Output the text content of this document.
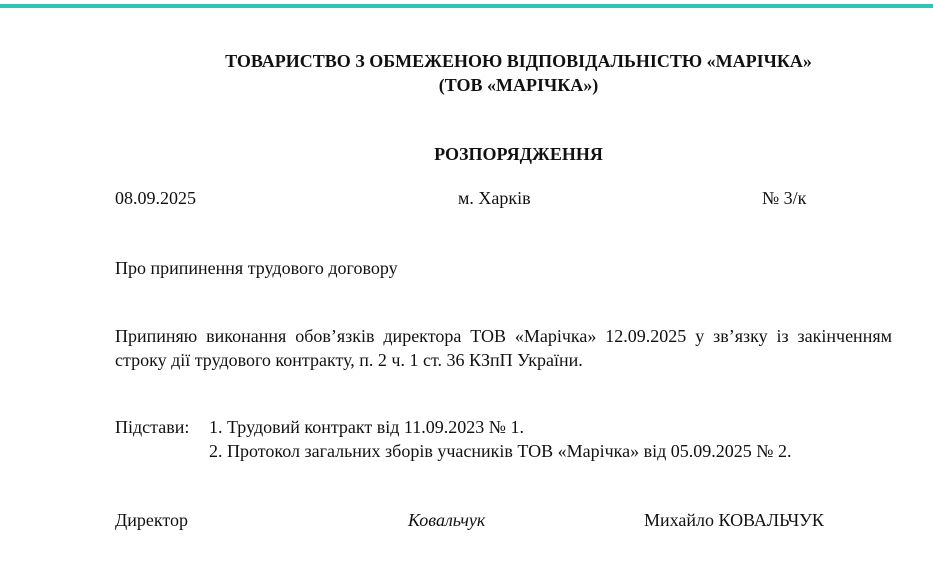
ТОВАРИСТВО З ОБМЕЖЕНОЮ ВІДПОВІДАЛЬНІСТЮ «МАРІЧКА»
(ТОВ «МАРІЧКА»)
РОЗПОРЯДЖЕННЯ
08.09.2025	м. Харків	№ 3/к
Про припинення трудового договору
Припиняю виконання обов’язків директора ТОВ «Марічка» 12.09.2025 у зв’язку із закінченням строку дії трудового контракту, п. 2 ч. 1 ст. 36 КЗпП України.
Підстави: 1. Трудовий контракт від 11.09.2023 № 1.
2. Протокол загальних зборів учасників ТОВ «Марічка» від 05.09.2025 № 2.
Директор	Ковальчук	Михайло КОВАЛЬЧУК
